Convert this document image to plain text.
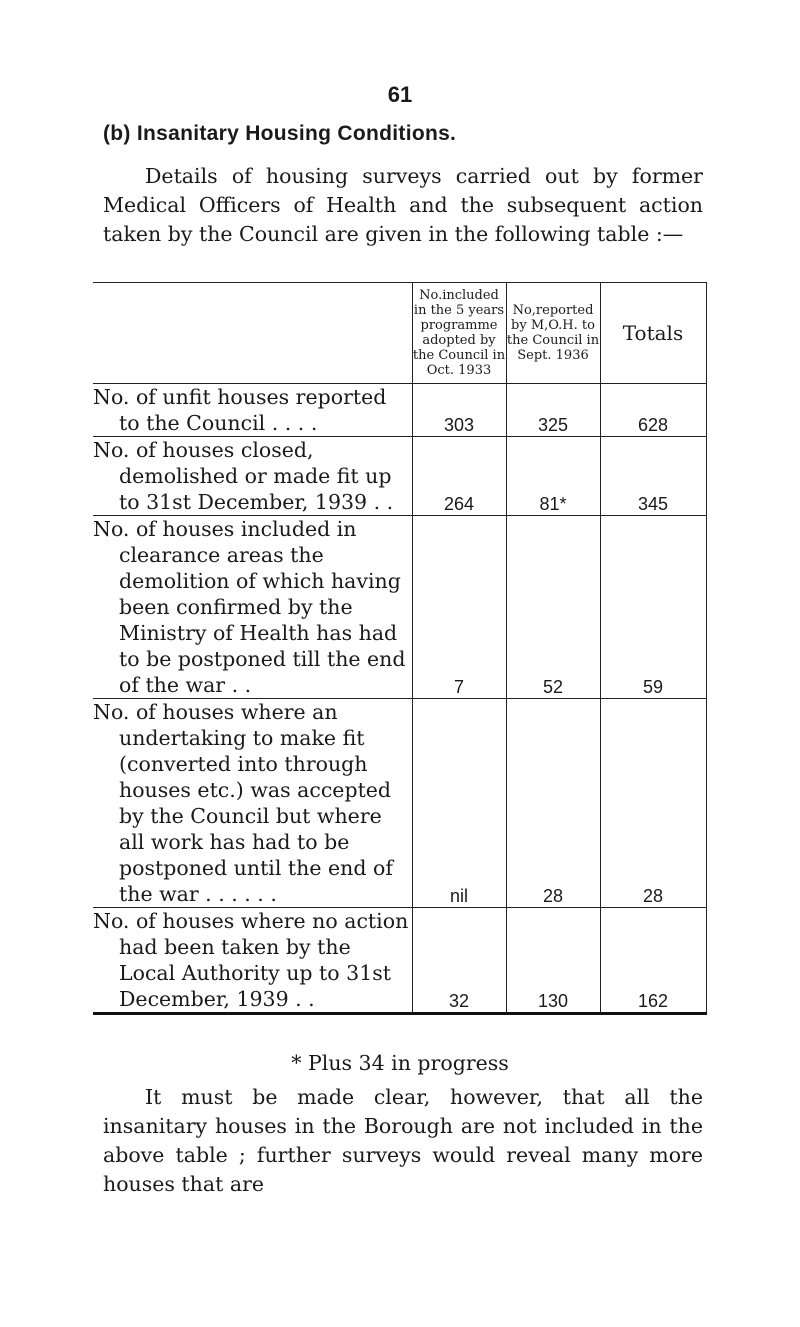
61
(b) Insanitary Housing Conditions.
Details of housing surveys carried out by former Medical Officers of Health and the subsequent action taken by the Council are given in the following table :—
	No.included in the 5 years programme adopted by the Council in Oct. 1933	No,reported by M,O.H. to the Council in Sept. 1936	Totals

No. of unfit houses reported to the Council . . . .	303	325	628

No. of houses closed, demolished or made fit up to 31st December, 1939 . .	264	81*	345

No. of houses included in clearance areas the demolition of which having been confirmed by the Ministry of Health has had to be postponed till the end of the war . .	7	52	59

No. of houses where an undertaking to make fit (converted into through houses etc.) was accepted by the Council but where all work has had to be postponed until the end of the war . . . . . .	nil	28	28

No. of houses where no action had been taken by the Local Authority up to 31st December, 1939 . .	32	130	162
* Plus 34 in progress
It must be made clear, however, that all the insanitary houses in the Borough are not included in the above table ; further surveys would reveal many more houses that are
